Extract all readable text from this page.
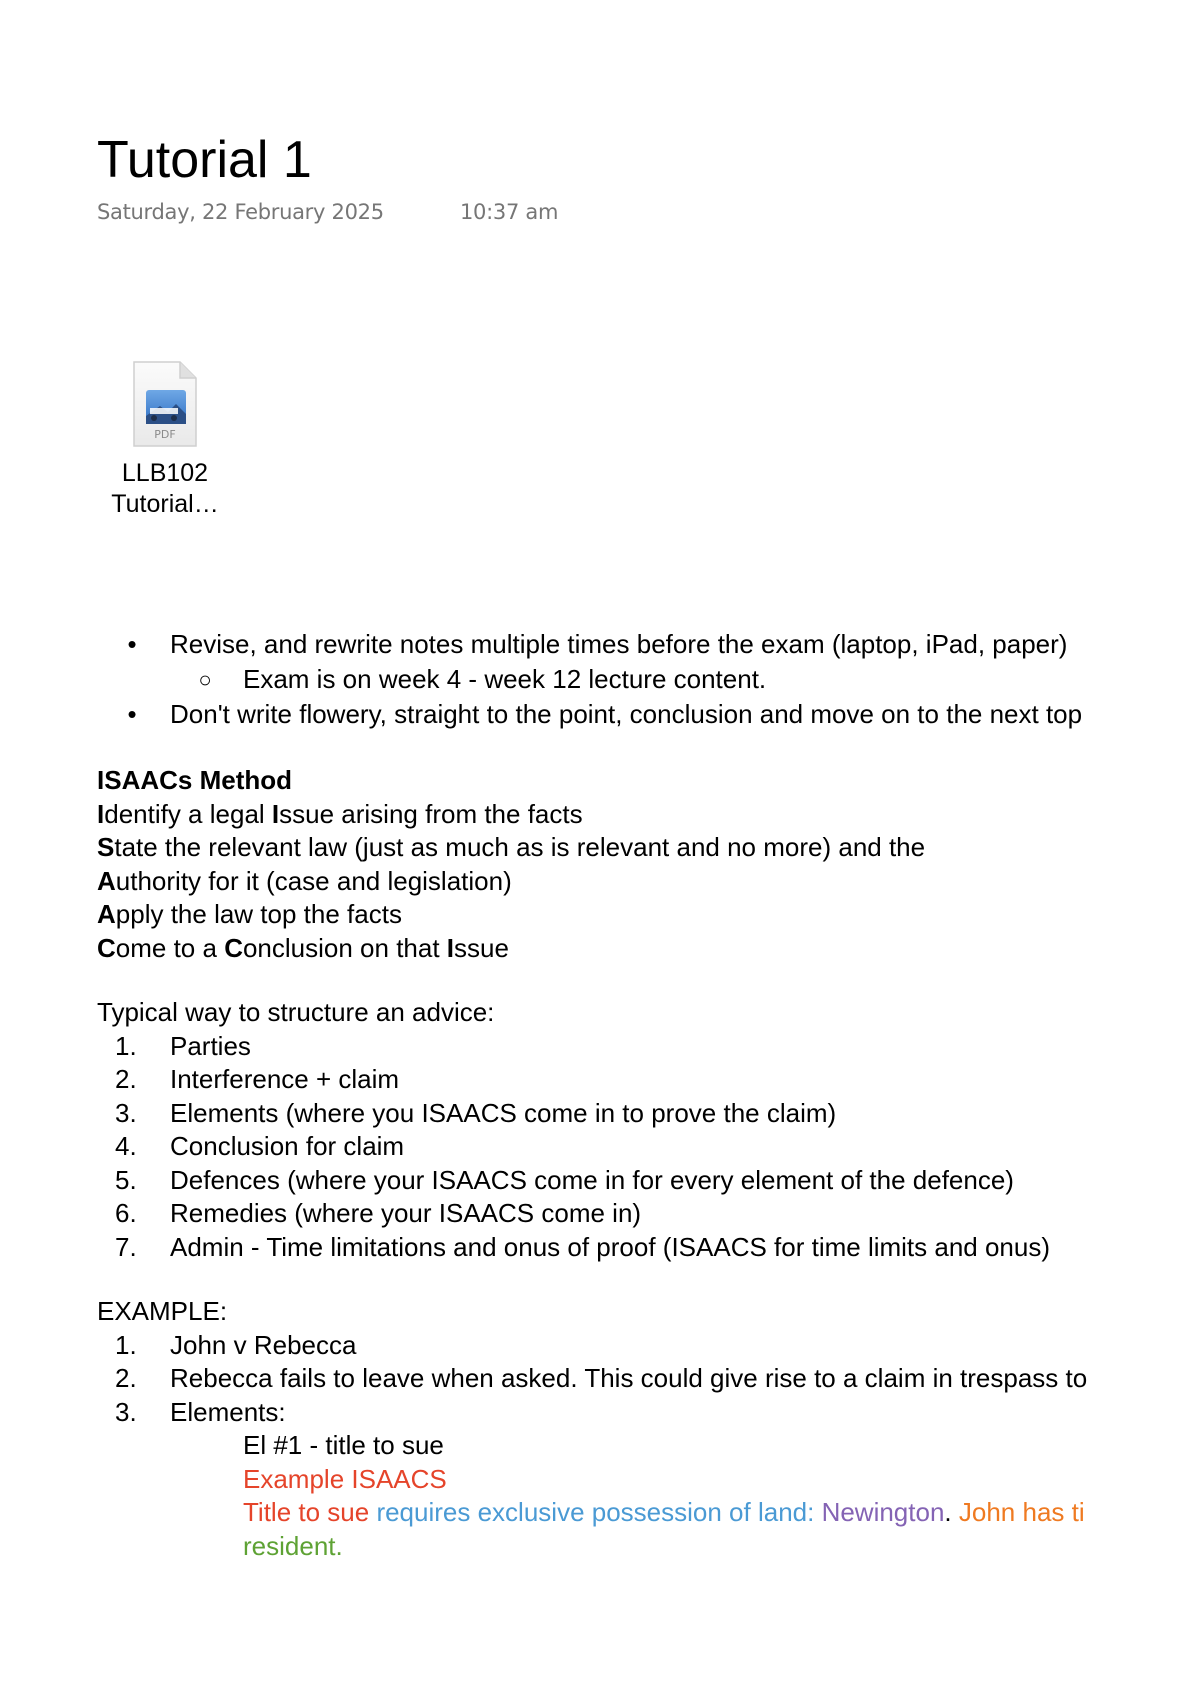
Tutorial 1
Saturday, 22 February 2025	10:37 am
PDF
LLB102
Tutorial…
• Revise, and rewrite notes multiple times before the exam (laptop, iPad, paper)
○ Exam is on week 4 - week 12 lecture content.
• Don't write flowery, straight to the point, conclusion and move on to the next top
ISAACs Method
Identify a legal Issue arising from the facts
State the relevant law (just as much as is relevant and no more) and the
Authority for it (case and legislation)
Apply the law top the facts
Come to a Conclusion on that Issue
Typical way to structure an advice:
1. Parties
2. Interference + claim
3. Elements (where you ISAACS come in to prove the claim)
4. Conclusion for claim
5. Defences (where your ISAACS come in for every element of the defence)
6. Remedies (where your ISAACS come in)
7. Admin - Time limitations and onus of proof (ISAACS for time limits and onus)
EXAMPLE:
1. John v Rebecca
2. Rebecca fails to leave when asked. This could give rise to a claim in trespass to
3. Elements:
El #1 - title to sue
Example ISAACS
Title to sue requires exclusive possession of land: Newington. John has ti
resident.
